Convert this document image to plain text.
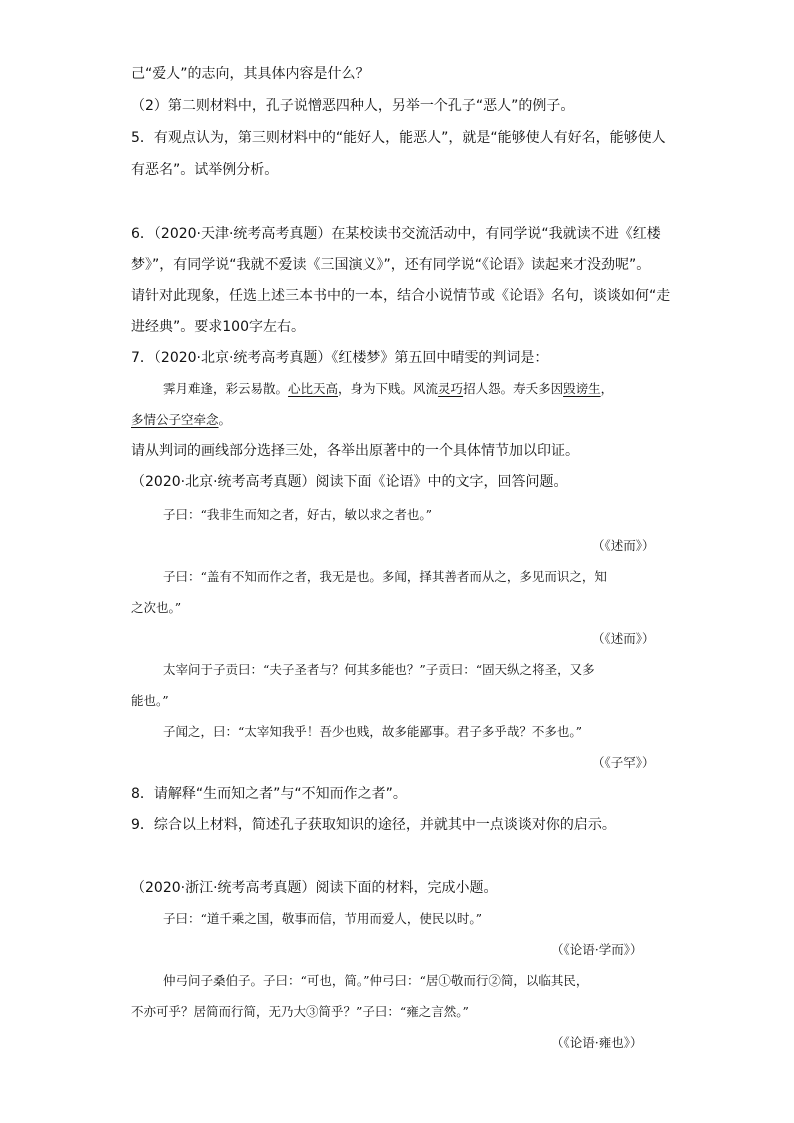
己“爱人”的志向，其具体内容是什么？
（2）第二则材料中，孔子说憎恶四种人，另举一个孔子“恶人”的例子。
5．有观点认为，第三则材料中的“能好人，能恶人”，就是“能够使人有好名，能够使人
有恶名”。试举例分析。
6．（2020·天津·统考高考真题）在某校读书交流活动中，有同学说“我就读不进《红楼
梦》”，有同学说“我就不爱读《三国演义》”，还有同学说“《论语》读起来才没劲呢”。
请针对此现象，任选上述三本书中的一本，结合小说情节或《论语》名句，谈谈如何“走
进经典”。要求100字左右。
7．（2020·北京·统考高考真题）《红楼梦》第五回中晴雯的判词是：
霁月难逢，彩云易散。心比天高，身为下贱。风流灵巧招人怨。寿夭多因毁谤生，
多情公子空牵念。
请从判词的画线部分选择三处，各举出原著中的一个具体情节加以印证。
（2020·北京·统考高考真题）阅读下面《论语》中的文字，回答问题。
子曰：“我非生而知之者，好古，敏以求之者也。”
（《述而》）
子曰：“盖有不知而作之者，我无是也。多闻，择其善者而从之，多见而识之，知
之次也。”
（《述而》）
太宰问于子贡曰：“夫子圣者与？何其多能也？”子贡曰：“固天纵之将圣，又多
能也。”
子闻之，曰：“太宰知我乎！吾少也贱，故多能鄙事。君子多乎哉？不多也。”
（《子罕》）
8．请解释“生而知之者”与“不知而作之者”。
9．综合以上材料，简述孔子获取知识的途径，并就其中一点谈谈对你的启示。
（2020·浙江·统考高考真题）阅读下面的材料，完成小题。
子曰：“道千乘之国，敬事而信，节用而爱人，使民以时。”
（《论语·学而》）
仲弓问子桑伯子。子曰：“可也，简。”仲弓曰：“居①敬而行②简，以临其民，
不亦可乎？居简而行简，无乃大③简乎？”子曰：“雍之言然。”
（《论语·雍也》）
